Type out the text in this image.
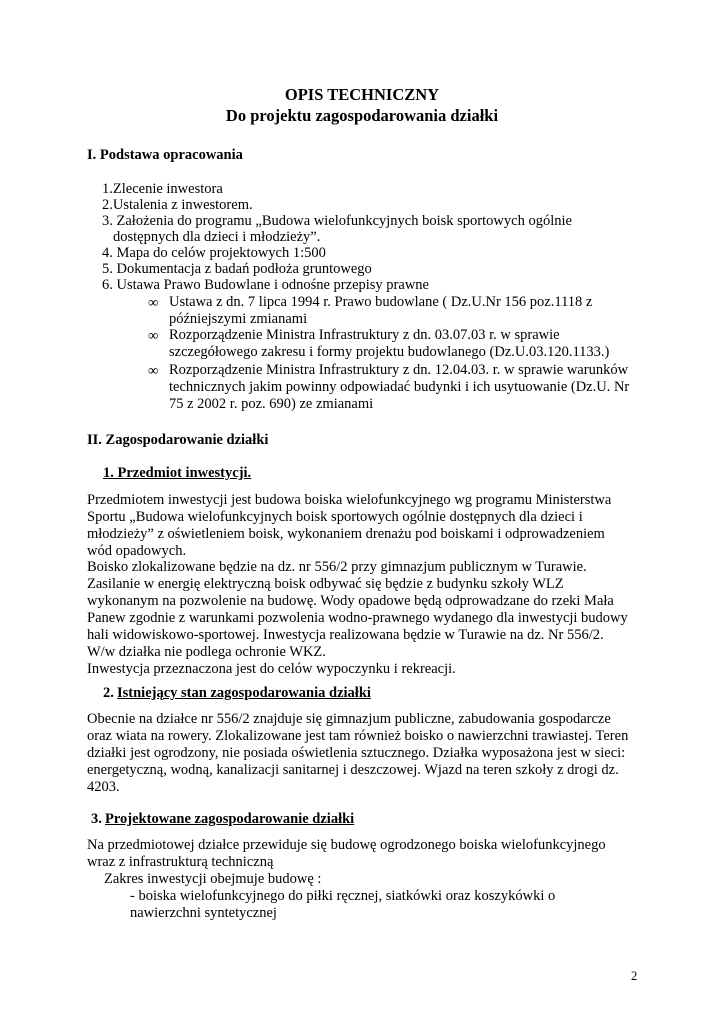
OPIS TECHNICZNY
Do projektu zagospodarowania działki
I. Podstawa opracowania
1.Zlecenie inwestora
2.Ustalenia z inwestorem.
3. Założenia do programu „Budowa wielofunkcyjnych boisk sportowych ogólnie
dostępnych dla dzieci i młodzieży”.
4. Mapa do celów projektowych 1:500
5. Dokumentacja z badań podłoża gruntowego
6. Ustawa Prawo Budowlane i odnośne przepisy prawne
∞ Ustawa z dn. 7 lipca 1994 r. Prawo budowlane ( Dz.U.Nr 156 poz.1118 z
późniejszymi zmianami
∞ Rozporządzenie Ministra Infrastruktury z dn. 03.07.03 r. w sprawie
szczegółowego zakresu i formy projektu budowlanego (Dz.U.03.120.1133.)
∞ Rozporządzenie Ministra Infrastruktury z dn. 12.04.03. r. w sprawie warunków
technicznych jakim powinny odpowiadać budynki i ich usytuowanie (Dz.U. Nr
75 z 2002 r. poz. 690) ze zmianami
II. Zagospodarowanie działki
1. Przedmiot inwestycji.
Przedmiotem inwestycji jest budowa boiska wielofunkcyjnego wg programu Ministerstwa
Sportu „Budowa wielofunkcyjnych boisk sportowych ogólnie dostępnych dla dzieci i
młodzieży” z oświetleniem boisk, wykonaniem drenażu pod boiskami i odprowadzeniem
wód opadowych.
Boisko zlokalizowane będzie na dz. nr 556/2 przy gimnazjum publicznym w Turawie.
Zasilanie w energię elektryczną boisk odbywać się będzie z budynku szkoły WLZ
wykonanym na pozwolenie na budowę. Wody opadowe będą odprowadzane do rzeki Mała
Panew zgodnie z warunkami pozwolenia wodno-prawnego wydanego dla inwestycji budowy
hali widowiskowo-sportowej. Inwestycja realizowana będzie w Turawie na dz. Nr 556/2.
W/w działka nie podlega ochronie WKZ.
Inwestycja przeznaczona jest do celów wypoczynku i rekreacji.
2. Istniejący stan zagospodarowania działki
Obecnie na działce nr 556/2 znajduje się gimnazjum publiczne, zabudowania gospodarcze
oraz wiata na rowery. Zlokalizowane jest tam również boisko o nawierzchni trawiastej. Teren
działki jest ogrodzony, nie posiada oświetlenia sztucznego. Działka wyposażona jest w sieci:
energetyczną, wodną, kanalizacji sanitarnej i deszczowej. Wjazd na teren szkoły z drogi dz.
4203.
3. Projektowane zagospodarowanie działki
Na przedmiotowej działce przewiduje się budowę ogrodzonego boiska wielofunkcyjnego
wraz z infrastrukturą techniczną
Zakres inwestycji obejmuje budowę :
- boiska wielofunkcyjnego do piłki ręcznej, siatkówki oraz koszykówki o
nawierzchni syntetycznej
2
